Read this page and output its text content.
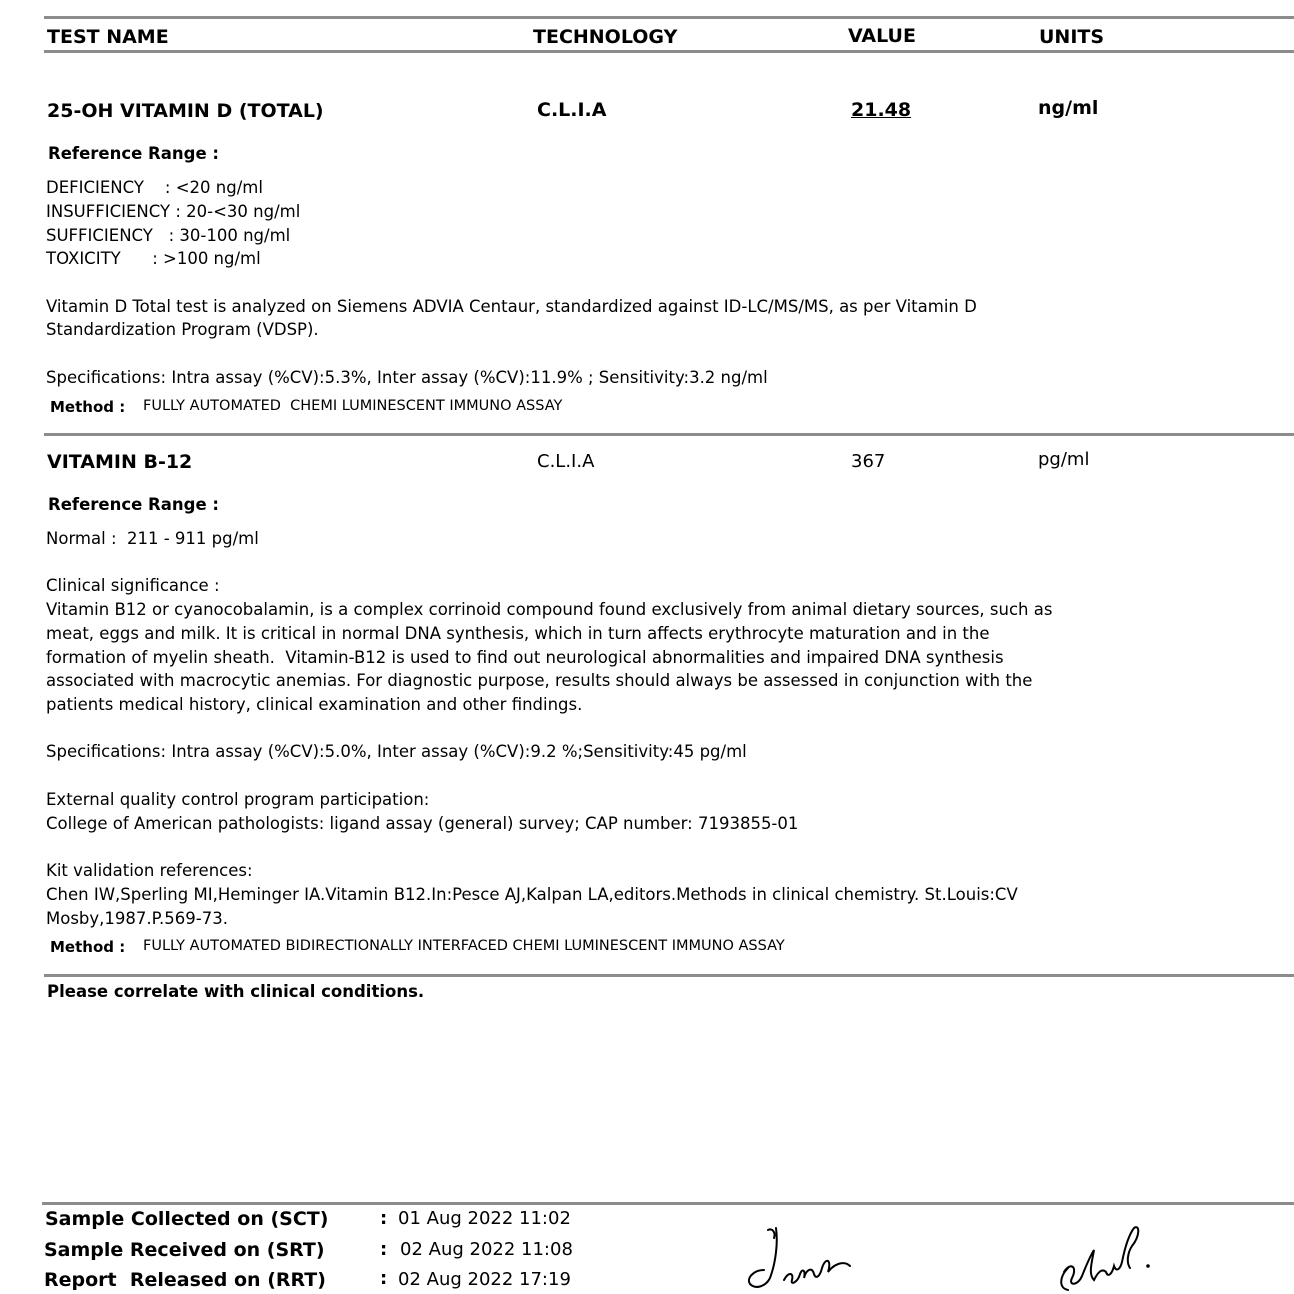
TEST NAME	TECHNOLOGY	VALUE	UNITS
25-OH VITAMIN D (TOTAL)	C.L.I.A	21.48	ng/ml
Reference Range :
DEFICIENCY    : <20 ng/ml
INSUFFICIENCY : 20-<30 ng/ml
SUFFICIENCY   : 30-100 ng/ml
TOXICITY      : >100 ng/ml
Vitamin D Total test is analyzed on Siemens ADVIA Centaur, standardized against ID-LC/MS/MS, as per Vitamin D
Standardization Program (VDSP).
Specifications: Intra assay (%CV):5.3%, Inter assay (%CV):11.9% ; Sensitivity:3.2 ng/ml
Method : FULLY AUTOMATED  CHEMI LUMINESCENT IMMUNO ASSAY
VITAMIN B-12	C.L.I.A	367	pg/ml
Reference Range :
Normal :  211 - 911 pg/ml
Clinical significance :
Vitamin B12 or cyanocobalamin, is a complex corrinoid compound found exclusively from animal dietary sources, such as
meat, eggs and milk. It is critical in normal DNA synthesis, which in turn affects erythrocyte maturation and in the
formation of myelin sheath.  Vitamin-B12 is used to find out neurological abnormalities and impaired DNA synthesis
associated with macrocytic anemias. For diagnostic purpose, results should always be assessed in conjunction with the
patients medical history, clinical examination and other findings.
Specifications: Intra assay (%CV):5.0%, Inter assay (%CV):9.2 %;Sensitivity:45 pg/ml
External quality control program participation:
College of American pathologists: ligand assay (general) survey; CAP number: 7193855-01
Kit validation references:
Chen IW,Sperling MI,Heminger IA.Vitamin B12.In:Pesce AJ,Kalpan LA,editors.Methods in clinical chemistry. St.Louis:CV
Mosby,1987.P.569-73.
Method : FULLY AUTOMATED BIDIRECTIONALLY INTERFACED CHEMI LUMINESCENT IMMUNO ASSAY
Please correlate with clinical conditions.
Sample Collected on (SCT)	: 01 Aug 2022 11:02
Sample Received on (SRT)	: 02 Aug 2022 11:08
Report  Released on (RRT)	: 02 Aug 2022 17:19
